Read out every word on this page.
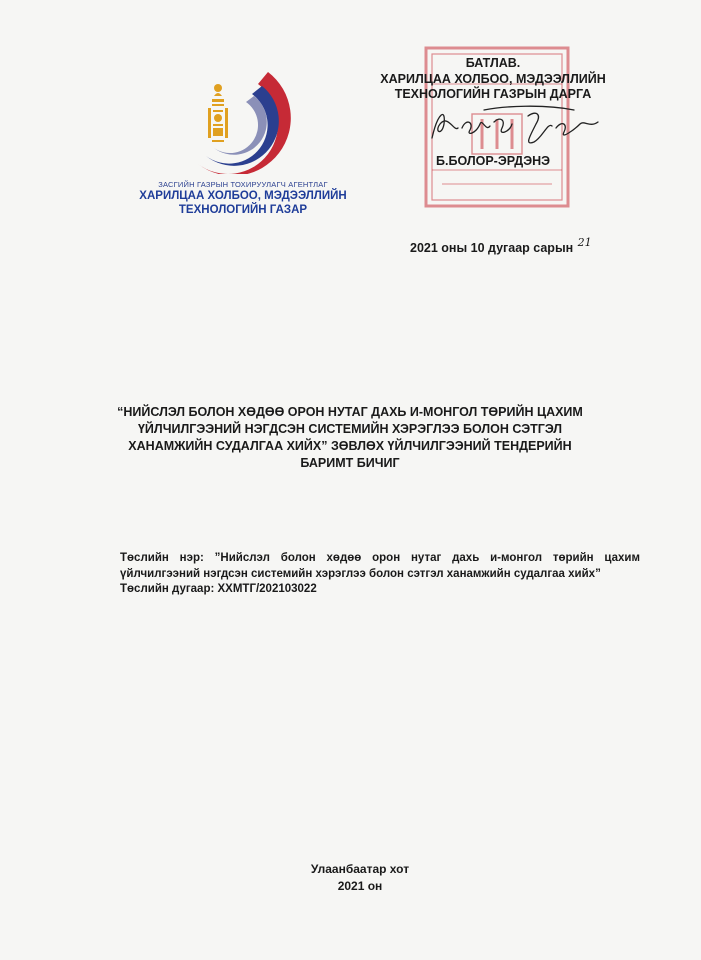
ЗАСГИЙН ГАЗРЫН ТОХИРУУЛАГЧ АГЕНТЛАГ
ХАРИЛЦАА ХОЛБОО, МЭДЭЭЛЛИЙН
ТЕХНОЛОГИЙН ГАЗАР
БАТЛАВ.
ХАРИЛЦАА ХОЛБОО, МЭДЭЭЛЛИЙН
ТЕХНОЛОГИЙН ГАЗРЫН ДАРГА
Б.БОЛОР-ЭРДЭНЭ
2021 оны 10 дугаар сарын 21
“НИЙСЛЭЛ БОЛОН ХӨДӨӨ ОРОН НУТАГ ДАХЬ И-МОНГОЛ ТӨРИЙН ЦАХИМ
ҮЙЛЧИЛГЭЭНИЙ НЭГДСЭН СИСТЕМИЙН ХЭРЭГЛЭЭ БОЛОН СЭТГЭЛ
ХАНАМЖИЙН СУДАЛГАА ХИЙХ” ЗӨВЛӨХ ҮЙЛЧИЛГЭЭНИЙ ТЕНДЕРИЙН
БАРИМТ БИЧИГ

Төслийн нэр: ”Нийслэл болон хөдөө орон нутаг дахь и-монгол төрийн цахим

үйлчилгээний нэгдсэн системийн хэрэглээ болон сэтгэл ханамжийн судалгаа хийх”

Төслийн дугаар: ХХМТГ/202103022

Улаанбаатар хот
2021 он
